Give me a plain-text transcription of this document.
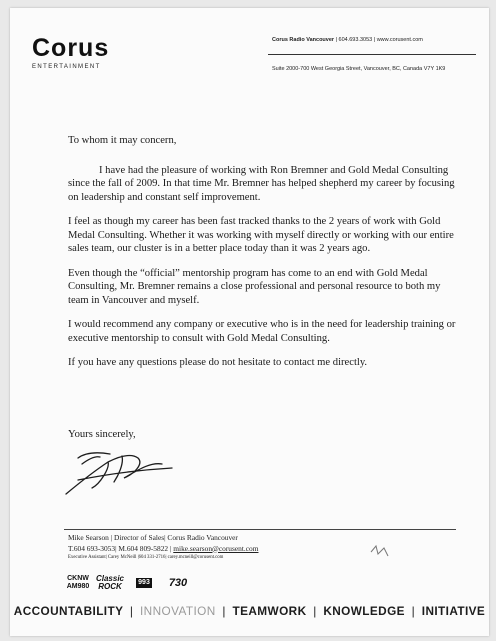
Corus
ENTERTAINMENT
Corus Radio Vancouver | 604.693.3053 | www.corusent.com
Suite 2000-700 West Georgia Street, Vancouver, BC, Canada V7Y 1K9

To whom it may concern,

I have had the pleasure of working with Ron Bremner and Gold Medal Consulting since the fall of 2009. In that time Mr. Bremner has helped shepherd my career by focusing on leadership and constant self improvement.

I feel as though my career has been fast tracked thanks to the 2 years of work with Gold Medal Consulting. Whether it was working with myself directly or working with our entire sales team, our cluster is in a better place today than it was 2 years ago.

Even though the “official” mentorship program has come to an end with Gold Medal Consulting, Mr. Bremner remains a close professional and personal resource to both my team in Vancouver and myself.

I would recommend any company or executive who is in the need for leadership training or executive mentorship to consult with Gold Medal Consulting.

If you have any questions please do not hesitate to contact me directly.

Yours sincerely,
Mike Searson | Director of Sales| Corus Radio Vancouver
T.604 693-3053| M.604 809-5822 | mike.searson@corusent.com
Executive Assistant| Carey McNeill |604 331-2716| carey.mcneill@corusent.com
CKNW AM980
Classic ROCK	993	730
ACCOUNTABILITY | INNOVATION | TEAMWORK | KNOWLEDGE | INITIATIVE
